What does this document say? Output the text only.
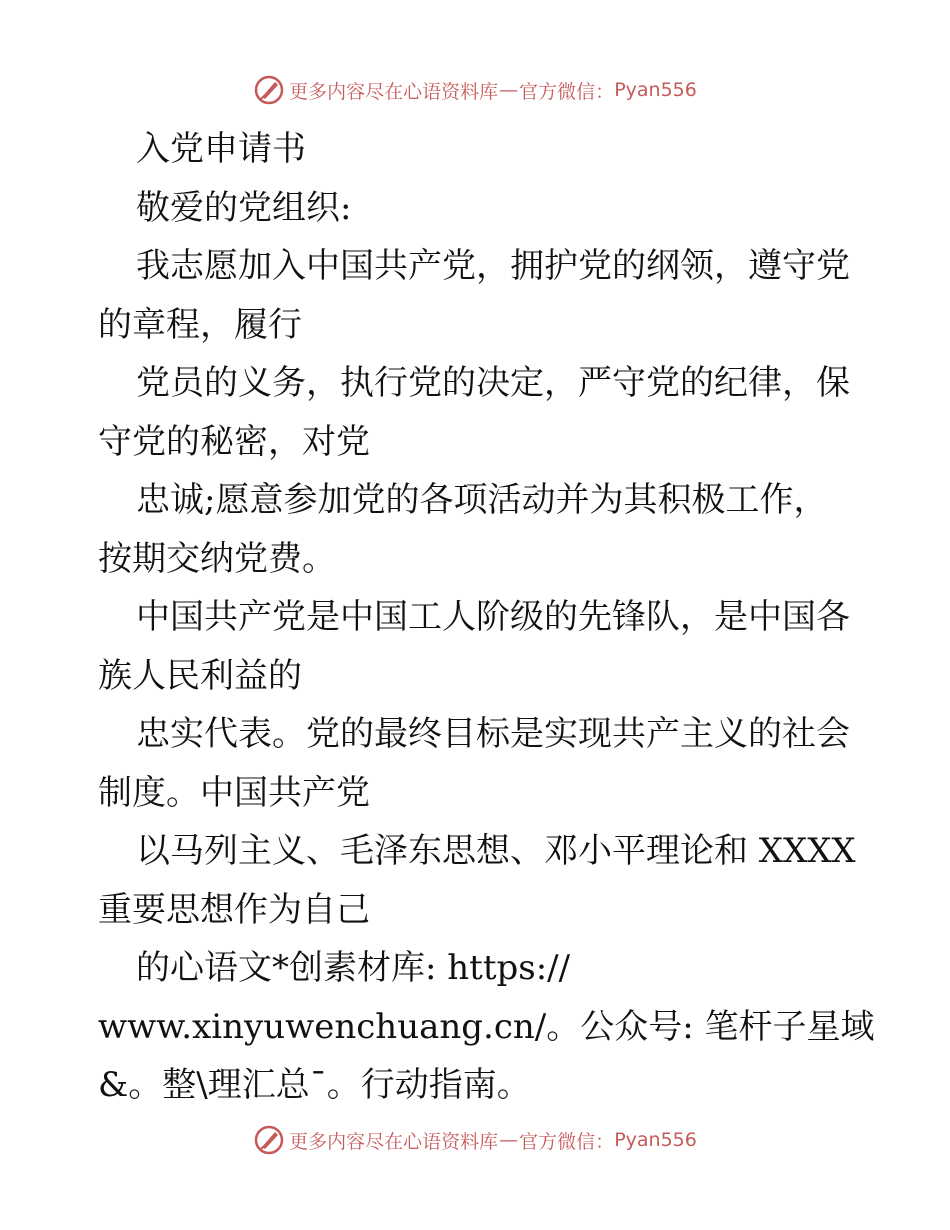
更多内容尽在心语资料库 — 官方微信： Pyan556
入党申请书
敬爱的党组织:
我志愿加入中国共产党，拥护党的纲领，遵守党
的章程，履行
党员的义务，执行党的决定，严守党的纪律，保
守党的秘密，对党
忠诚;愿意参加党的各项活动并为其积极工作，
按期交纳党费。
中国共产党是中国工人阶级的先锋队，是中国各
族人民利益的
忠实代表。党的最终目标是实现共产主义的社会
制度。中国共产党
以马列主义、毛泽东思想、邓小平理论和 XXXX
重要思想作为自己
的心语文*创素材库: https://
www.xinyuwenchuang.cn/。公众号: 笔杆子星域
&。整\理汇总¯。行动指南。
更多内容尽在心语资料库 — 官方微信： Pyan556
